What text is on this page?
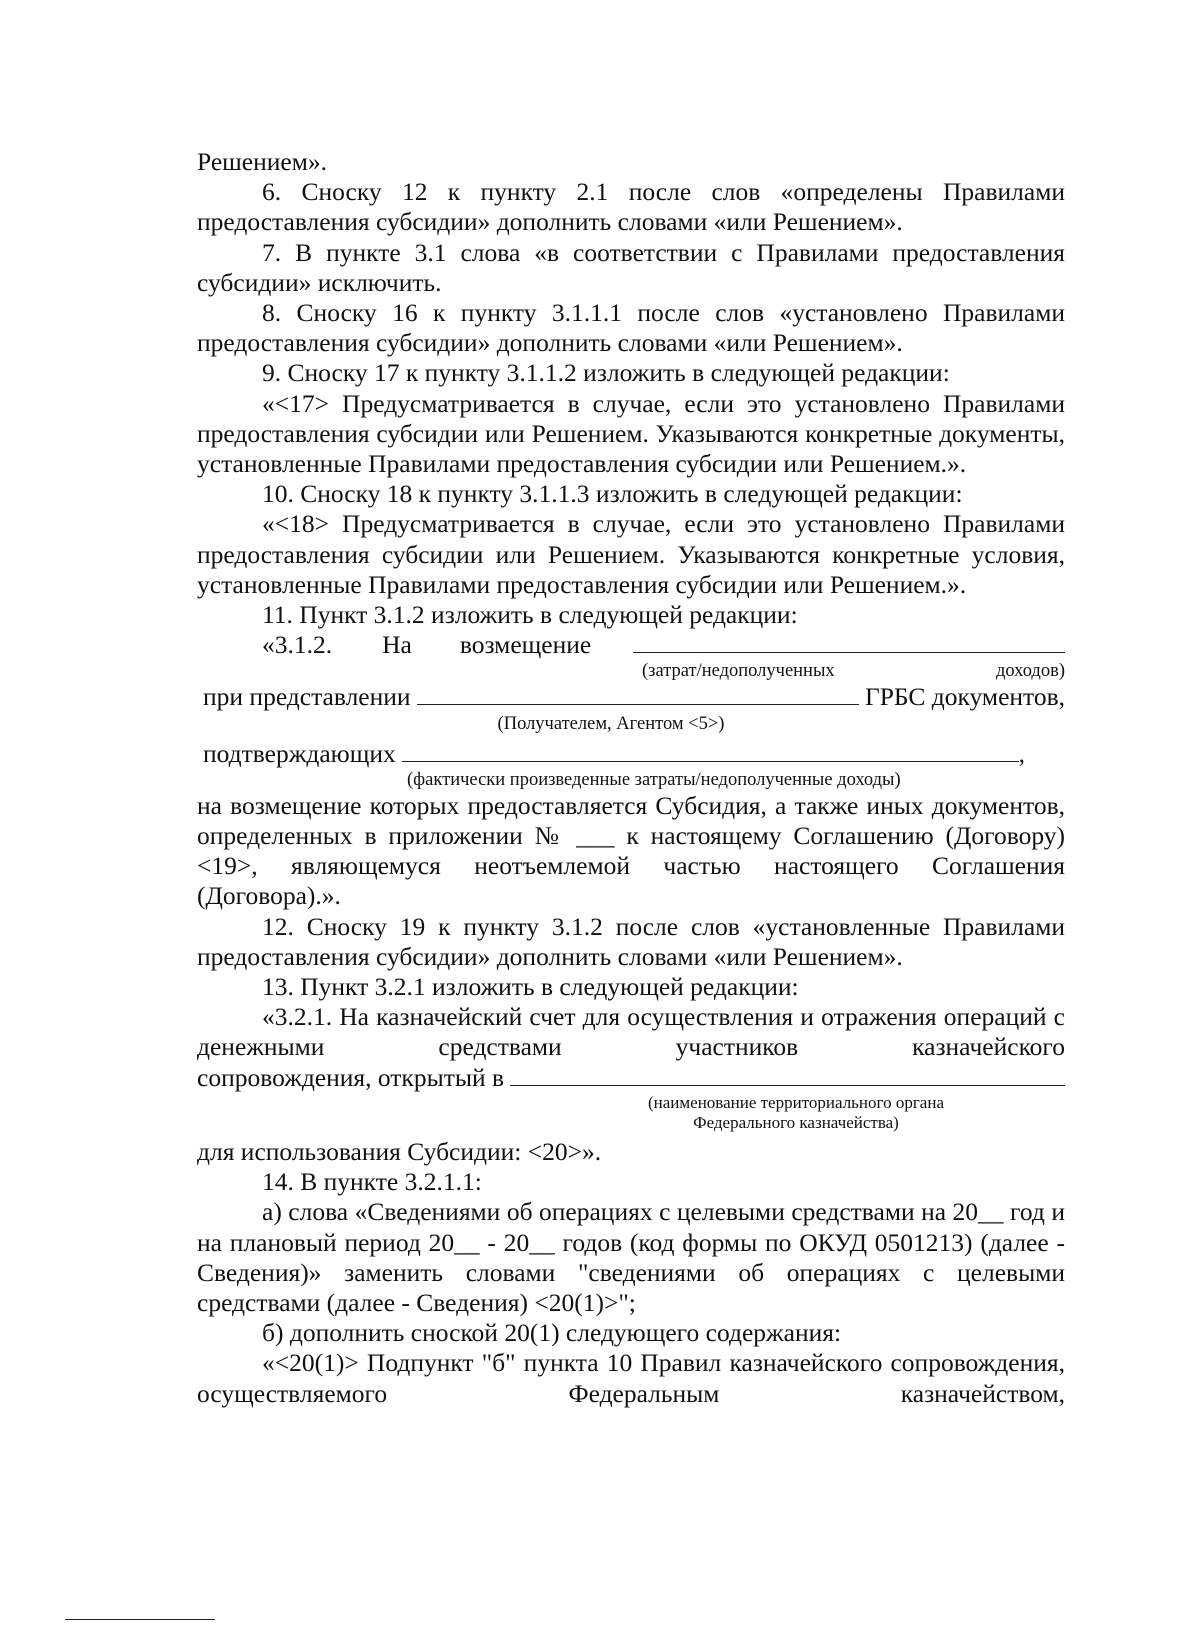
Решением».

6. Сноску 12 к пункту 2.1 после слов «определены Правилами предоставления субсидии» дополнить словами «или Решением».

7. В пункте 3.1 слова «в соответствии с Правилами предоставления субсидии» исключить.

8. Сноску 16 к пункту 3.1.1.1 после слов «установлено Правилами предоставления субсидии» дополнить словами «или Решением».

9. Сноску 17 к пункту 3.1.1.2 изложить в следующей редакции:

«<17> Предусматривается в случае, если это установлено Правилами предоставления субсидии или Решением. Указываются конкретные документы, установленные Правилами предоставления субсидии или Решением.».

10. Сноску 18 к пункту 3.1.1.3 изложить в следующей редакции:

«<18> Предусматривается в случае, если это установлено Правилами предоставления субсидии или Решением. Указываются конкретные условия, установленные Правилами предоставления субсидии или Решением.».

11. Пункт 3.1.2 изложить в следующей редакции:

«3.1.2. На возмещение
(затрат/недополученных	доходов)
при представлении	ГРБС документов,
(Получателем, Агентом <5>)
подтверждающих	,
(фактически произведенные затраты/недополученные доходы)

на возмещение которых предоставляется Субсидия, а также иных документов, определенных в приложении № ___ к настоящему Соглашению (Договору) <19>, являющемуся неотъемлемой частью настоящего Соглашения (Договора).».

12. Сноску 19 к пункту 3.1.2 после слов «установленные Правилами предоставления субсидии» дополнить словами «или Решением».

13. Пункт 3.2.1 изложить в следующей редакции:

«3.2.1. На казначейский счет для осуществления и отражения операций с денежными средствами участников казначейского

сопровождения, открытый в
(наименование территориального органа
Федерального казначейства)

для использования Субсидии: <20>».

14. В пункте 3.2.1.1:

а) слова «Сведениями об операциях с целевыми средствами на 20__ год и на плановый период 20__ - 20__ годов (код формы по ОКУД 0501213) (далее - Сведения)» заменить словами "сведениями об операциях с целевыми средствами (далее - Сведения) <20(1)>";

б) дополнить сноской 20(1) следующего содержания:

«<20(1)> Подпункт "б" пункта 10 Правил казначейского сопровождения, осуществляемого Федеральным казначейством,
